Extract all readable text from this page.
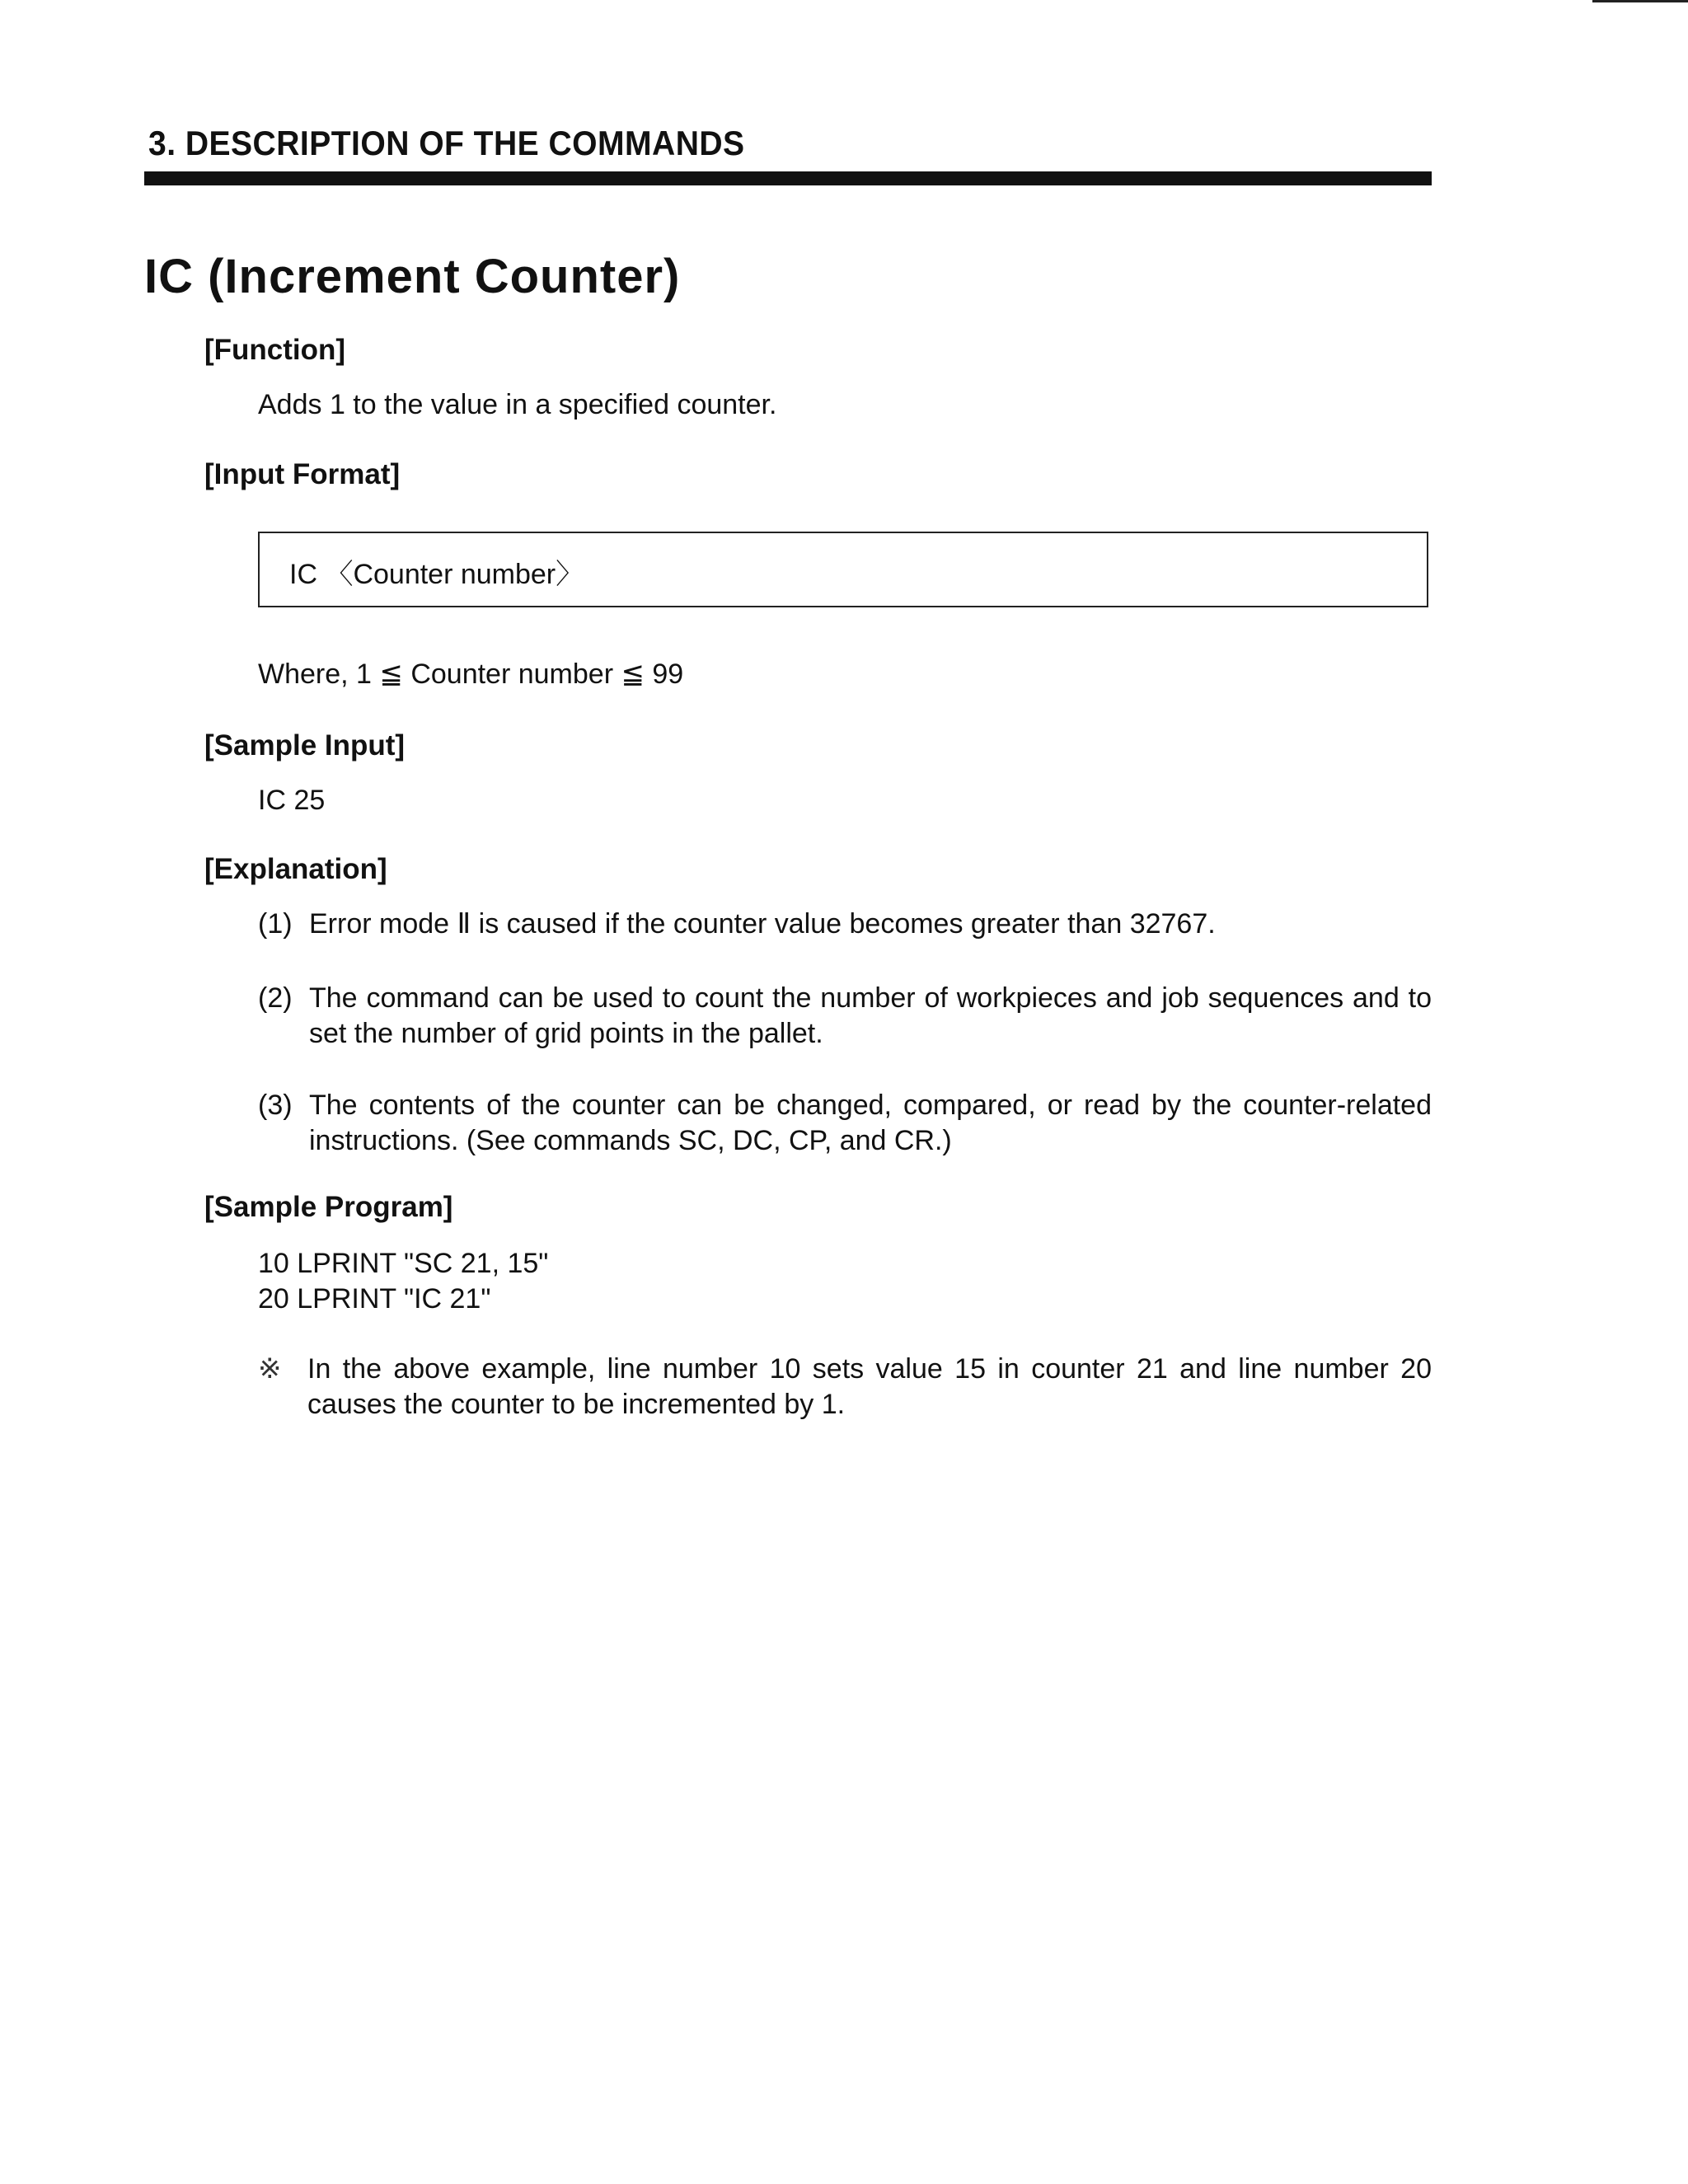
3. DESCRIPTION OF THE COMMANDS
IC (Increment Counter)
[Function]
Adds 1 to the value in a specified counter.
[Input Format]
IC 〈Counter number〉
Where, 1 ≦ Counter number ≦ 99
[Sample Input]
IC 25
[Explanation]
(1) Error mode Ⅱ is caused if the counter value becomes greater than 32767.
(2) The command can be used to count the number of workpieces and job sequences and to set the number of grid points in the pallet.
(3) The contents of the counter can be changed, compared, or read by the counter-related instructions. (See commands SC, DC, CP, and CR.)
[Sample Program]
10 LPRINT "SC 21, 15"
20 LPRINT "IC 21"
※ In the above example, line number 10 sets value 15 in counter 21 and line number 20 causes the counter to be incremented by 1.
